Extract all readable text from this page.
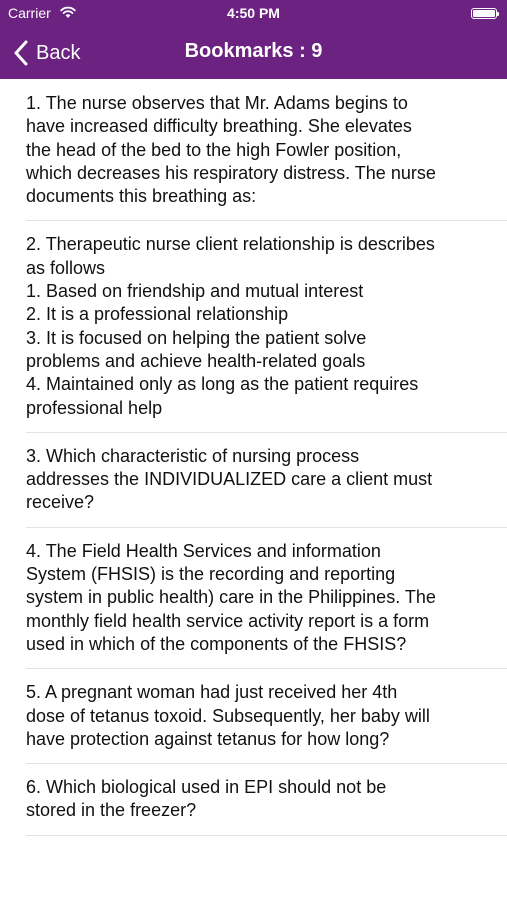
Carrier	4:50 PM
Back	Bookmarks : 9
1. The nurse observes that Mr. Adams begins to
have increased difficulty breathing. She elevates
the head of the bed to the high Fowler position,
which decreases his respiratory distress. The nurse
documents this breathing as:
2. Therapeutic nurse client relationship is describes
as follows
1. Based on friendship and mutual interest
2. It is a professional relationship
3. It is focused on helping the patient solve
problems and achieve health-related goals
4. Maintained only as long as the patient requires
professional help
3. Which characteristic of nursing process
addresses the INDIVIDUALIZED care a client must
receive?
4. The Field Health Services and information
System (FHSIS) is the recording and reporting
system in public health) care in the Philippines. The
monthly field health service activity report is a form
used in which of the components of the FHSIS?
5. A pregnant woman had just received her 4th
dose of tetanus toxoid. Subsequently, her baby will
have protection against tetanus for how long?
6. Which biological used in EPI should not be
stored in the freezer?
